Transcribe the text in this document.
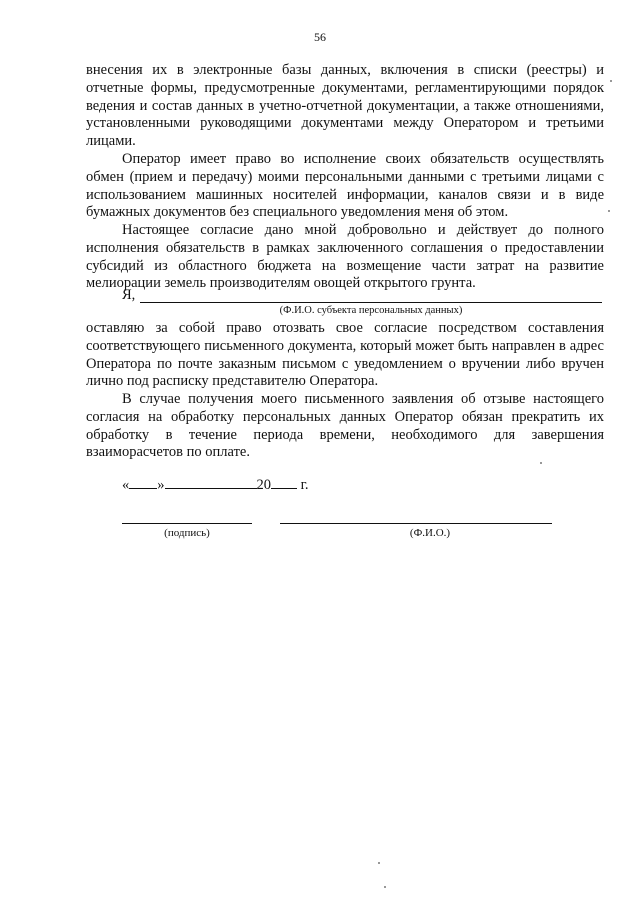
56

внесения их в электронные базы данных, включения в списки (реестры) и отчетные формы, предусмотренные документами, регламентирующими порядок ведения и состав данных в учетно-отчетной документации, а также отношениями, установленными руководящими документами между Оператором и третьими лицами.

Оператор имеет право во исполнение своих обязательств осуществлять обмен (прием и передачу) моими персональными данными с третьими лицами с использованием машинных носителей информации, каналов связи и в виде бумажных документов без специального уведомления меня об этом.

Настоящее согласие дано мной добровольно и действует до полного исполнения обязательств в рамках заключенного соглашения о предоставлении субсидий из областного бюджета на возмещение части затрат на развитие мелиорации земель производителям овощей открытого грунта.

Я,
(Ф.И.О. субъекта персональных данных)

оставляю за собой право отозвать свое согласие посредством составления соответствующего письменного документа, который может быть направлен в адрес Оператора по почте заказным письмом с уведомлением о вручении либо вручен лично под расписку представителю Оператора.

В случае получения моего письменного заявления об отзыве настоящего согласия на обработку персональных данных Оператор обязан прекратить их обработку в течение периода времени, необходимого для завершения взаиморасчетов по оплате.

« »	20 г.
(подпись)	(Ф.И.О.)
